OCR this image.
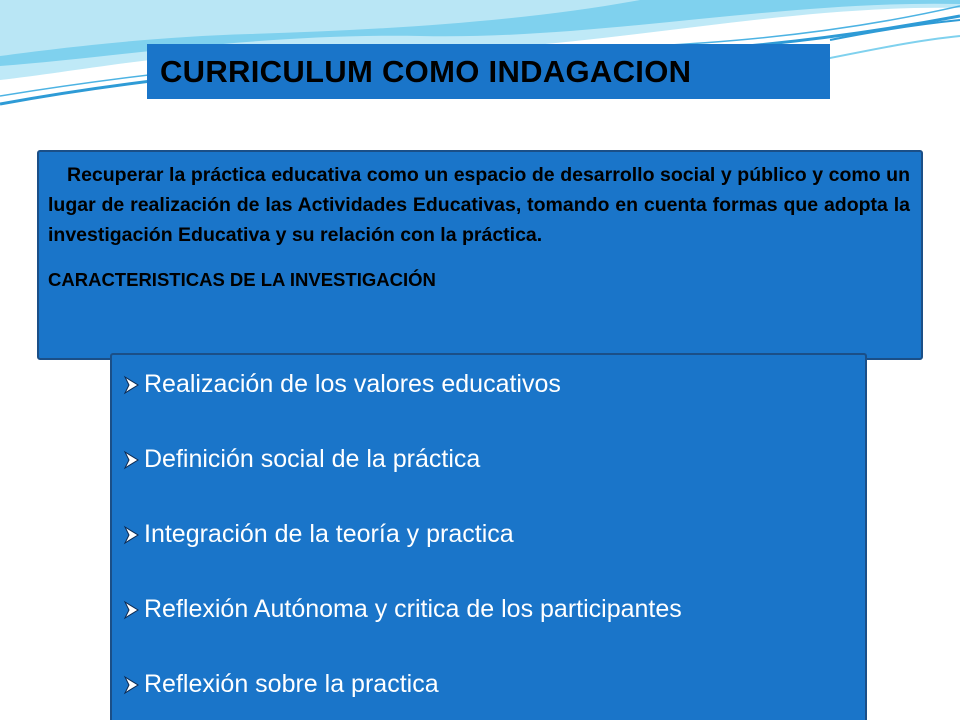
CURRICULUM COMO INDAGACION

Recuperar la práctica educativa como un espacio de desarrollo social y público y como un lugar de realización de las Actividades Educativas, tomando en cuenta formas que adopta la investigación Educativa y su relación con la práctica.

CARACTERISTICAS DE LA INVESTIGACIÓN

Realización de los valores educativos
Definición social de la práctica
Integración de la teoría y practica
Reflexión Autónoma y critica de los participantes
Reflexión sobre la practica
